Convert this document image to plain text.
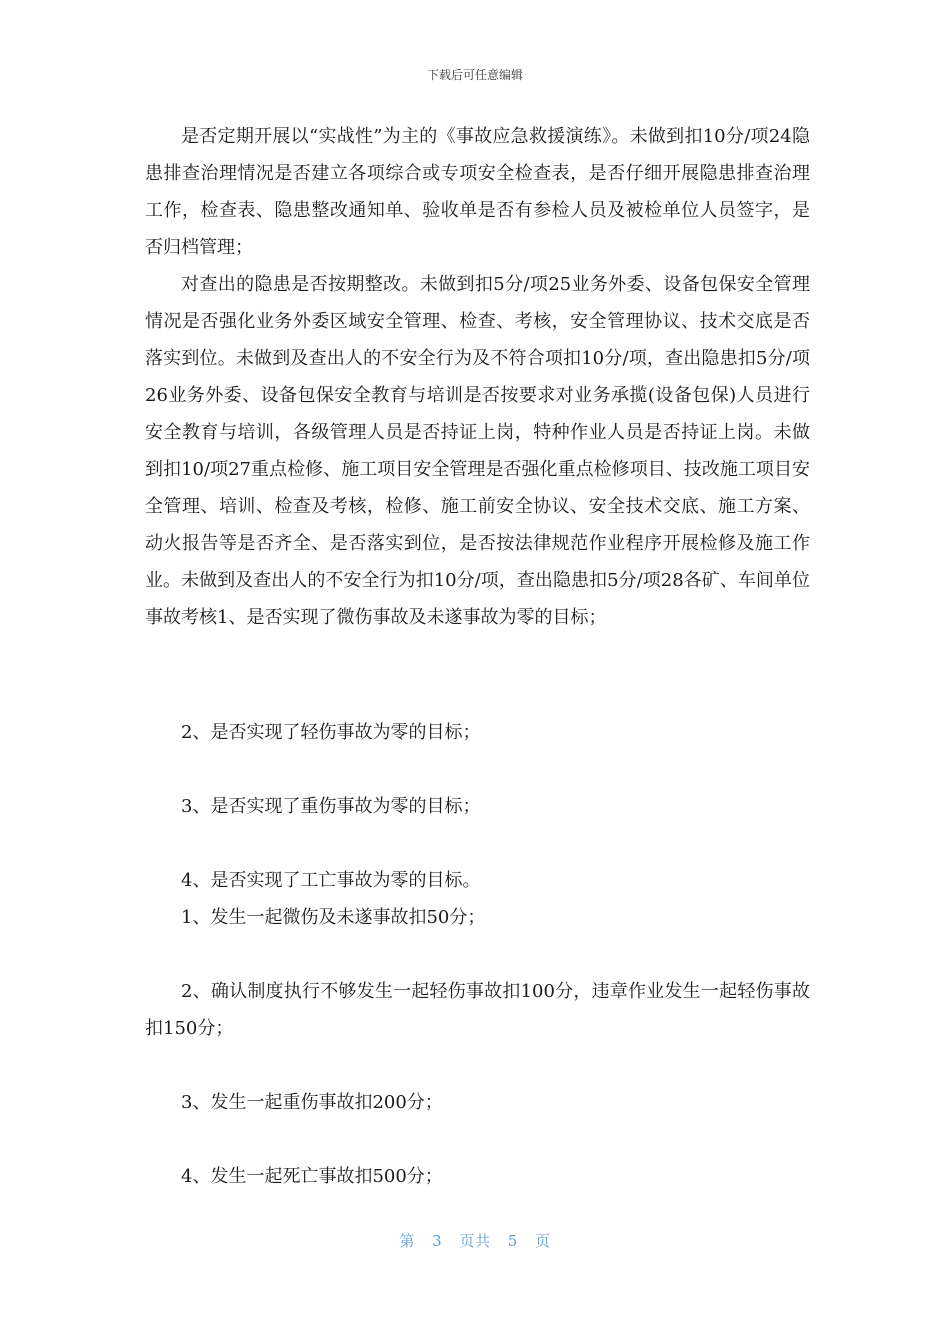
下载后可任意编辑

是否定期开展以“实战性”为主的《事故应急救援演练》。未做到扣10分/项24隐患排查治理情况是否建立各项综合或专项安全检查表，是否仔细开展隐患排查治理工作，检查表、隐患整改通知单、验收单是否有参检人员及被检单位人员签字，是否归档管理；

对查出的隐患是否按期整改。未做到扣5分/项25业务外委、设备包保安全管理情况是否强化业务外委区域安全管理、检查、考核，安全管理协议、技术交底是否落实到位。未做到及查出人的不安全行为及不符合项扣10分/项，查出隐患扣5分/项26业务外委、设备包保安全教育与培训是否按要求对业务承揽(设备包保)人员进行安全教育与培训，各级管理人员是否持证上岗，特种作业人员是否持证上岗。未做到扣10/项27重点检修、施工项目安全管理是否强化重点检修项目、技改施工项目安全管理、培训、检查及考核，检修、施工前安全协议、安全技术交底、施工方案、动火报告等是否齐全、是否落实到位，是否按法律规范作业程序开展检修及施工作业。未做到及查出人的不安全行为扣10分/项，查出隐患扣5分/项28各矿、车间单位事故考核1、是否实现了微伤事故及未遂事故为零的目标；

2、是否实现了轻伤事故为零的目标；

3、是否实现了重伤事故为零的目标；

4、是否实现了工亡事故为零的目标。

1、发生一起微伤及未遂事故扣50分；

2、确认制度执行不够发生一起轻伤事故扣100分，违章作业发生一起轻伤事故扣150分；

3、发生一起重伤事故扣200分；

4、发生一起死亡事故扣500分；

第 3 页共 5 页
